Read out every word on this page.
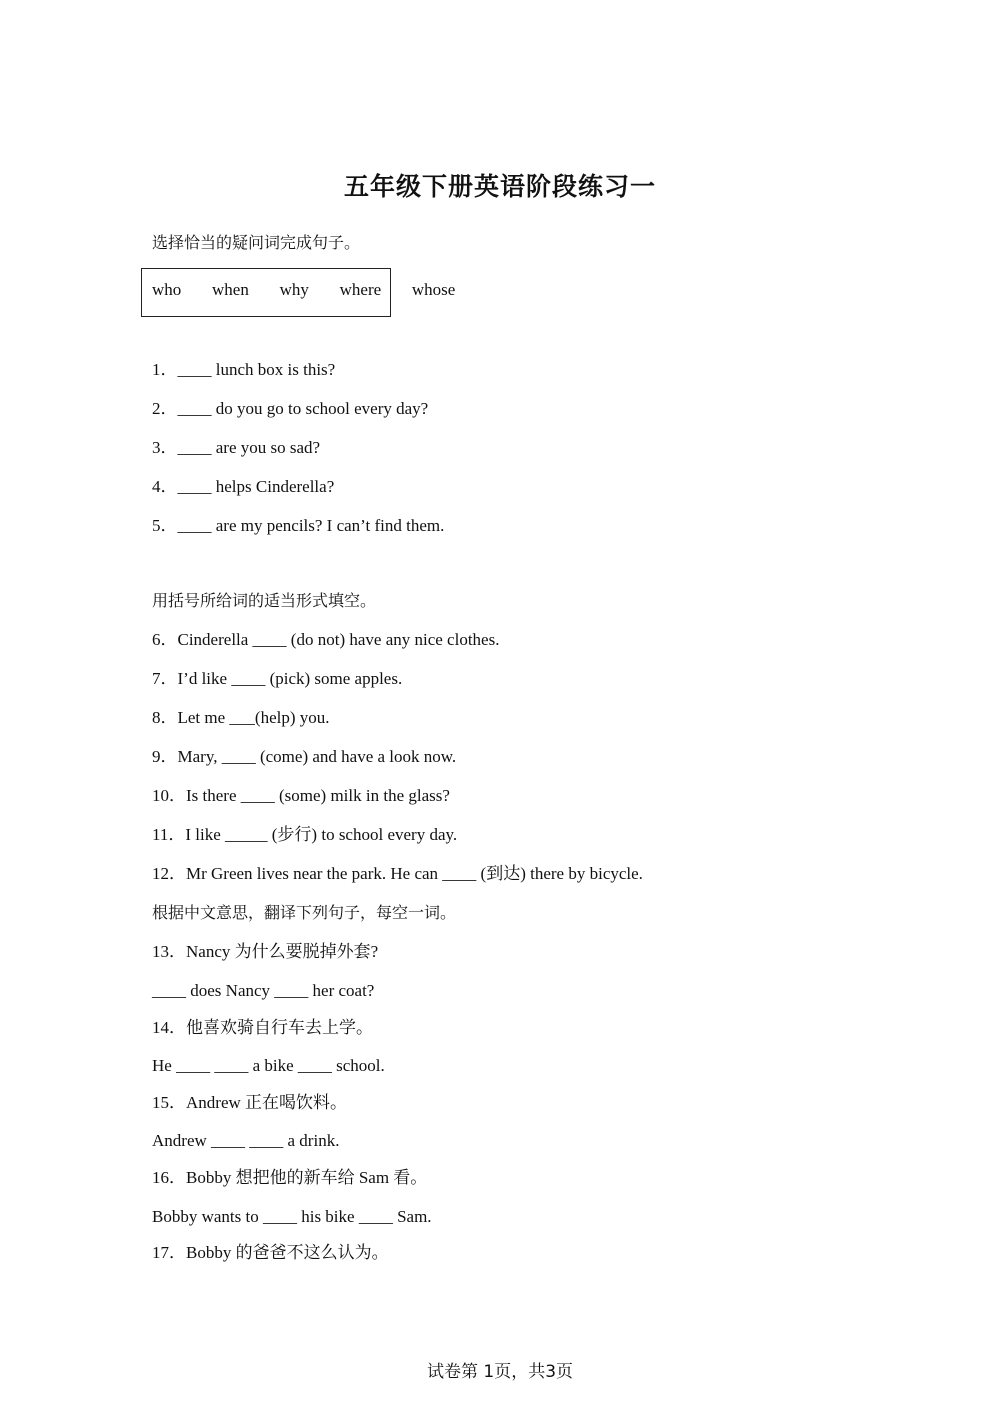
五年级下册英语阶段练习一
选择恰当的疑问词完成句子。
who   when   why   where   whose
1．____ lunch box is this?
2．____ do you go to school every day?
3．____ are you so sad?
4．____ helps Cinderella?
5．____ are my pencils? I can’t find them.
用括号所给词的适当形式填空。
6．Cinderella ____ (do not) have any nice clothes.
7．I’d like ____ (pick) some apples.
8．Let me ___(help) you.
9．Mary, ____ (come) and have a look now.
10．Is there ____ (some) milk in the glass?
11．I like _____ (步行) to school every day.
12．Mr Green lives near the park. He can ____ (到达) there by bicycle.
根据中文意思，翻译下列句子，每空一词。
13．Nancy 为什么要脱掉外套?
____ does Nancy ____ her coat?
14．他喜欢骑自行车去上学。
He ____ ____ a bike ____ school.
15．Andrew 正在喝饮料。
Andrew ____ ____ a drink.
16．Bobby 想把他的新车给 Sam 看。
Bobby wants to ____ his bike ____ Sam.
17．Bobby 的爸爸不这么认为。
试卷第 1页，共3页
